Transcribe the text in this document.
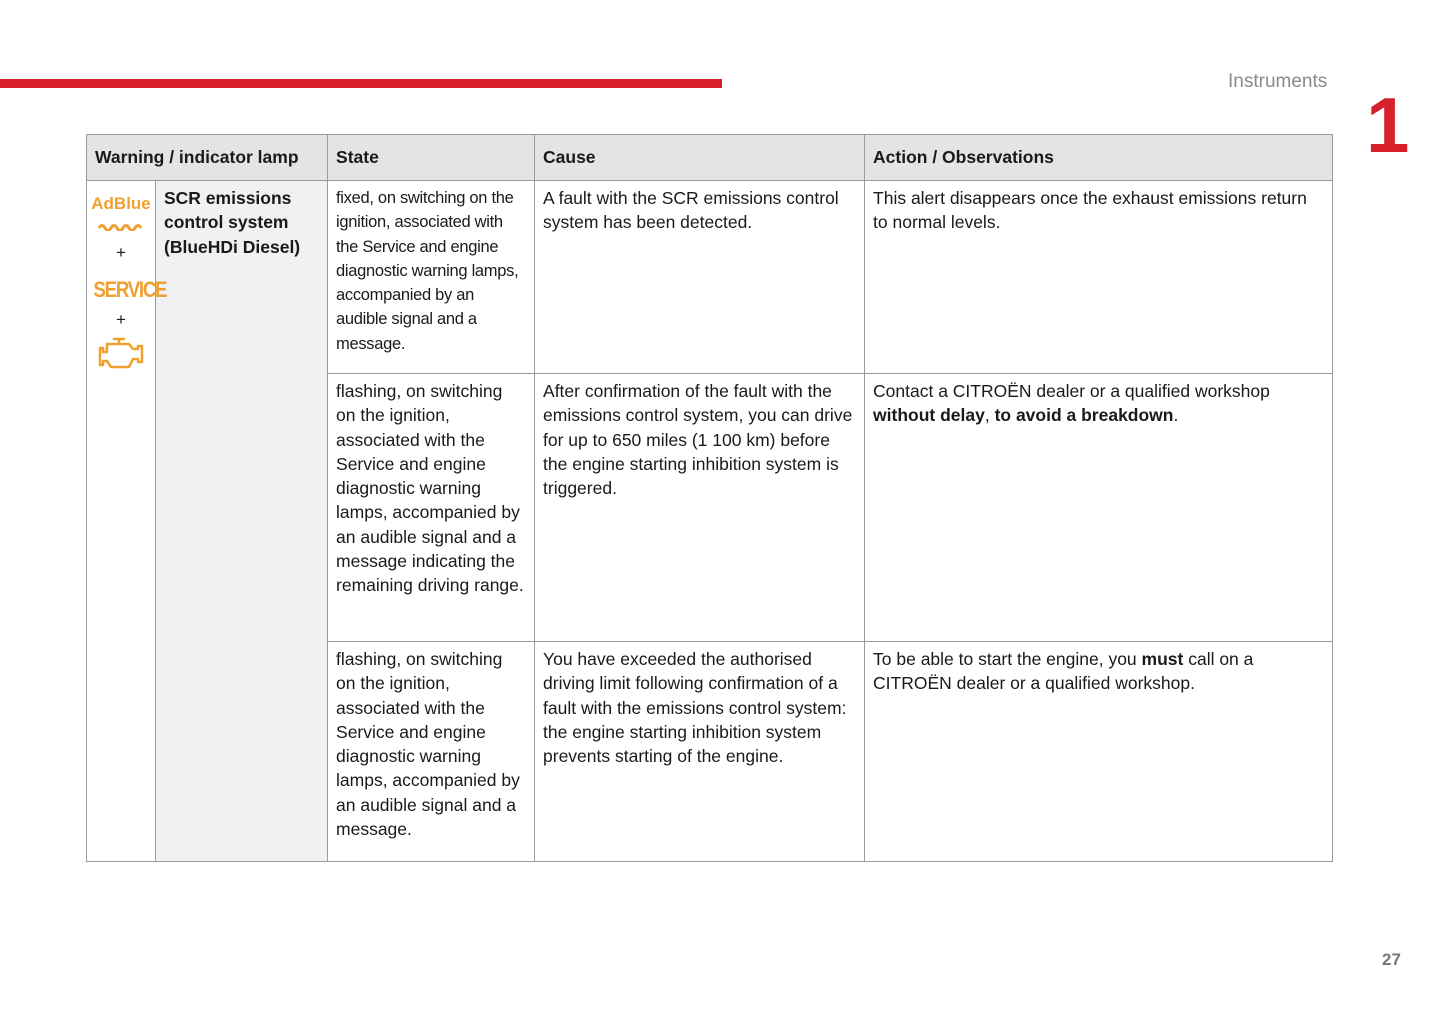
Instruments 1
Warning / indicator lamp		State	Cause	Action / Observations

AdBlue
+
SERVICE
+	SCR emissions control system (BlueHDi Diesel)	fixed, on switching on the ignition, associated with the Service and engine diagnostic warning lamps, accompanied by an audible signal and a message.	A fault with the SCR emissions control system has been detected.	This alert disappears once the exhaust emissions return to normal levels.
		flashing, on switching on the ignition, associated with the Service and engine diagnostic warning lamps, accompanied by an audible signal and a message indicating the remaining driving range.	After confirmation of the fault with the emissions control system, you can drive for up to 650 miles (1 100 km) before the engine starting inhibition system is triggered.	Contact a CITROËN dealer or a qualified workshop without delay, to avoid a breakdown.
		flashing, on switching on the ignition, associated with the Service and engine diagnostic warning lamps, accompanied by an audible signal and a message.	You have exceeded the authorised driving limit following confirmation of a fault with the emissions control system: the engine starting inhibition system prevents starting of the engine.	To be able to start the engine, you must call on a CITROËN dealer or a qualified workshop.
27
